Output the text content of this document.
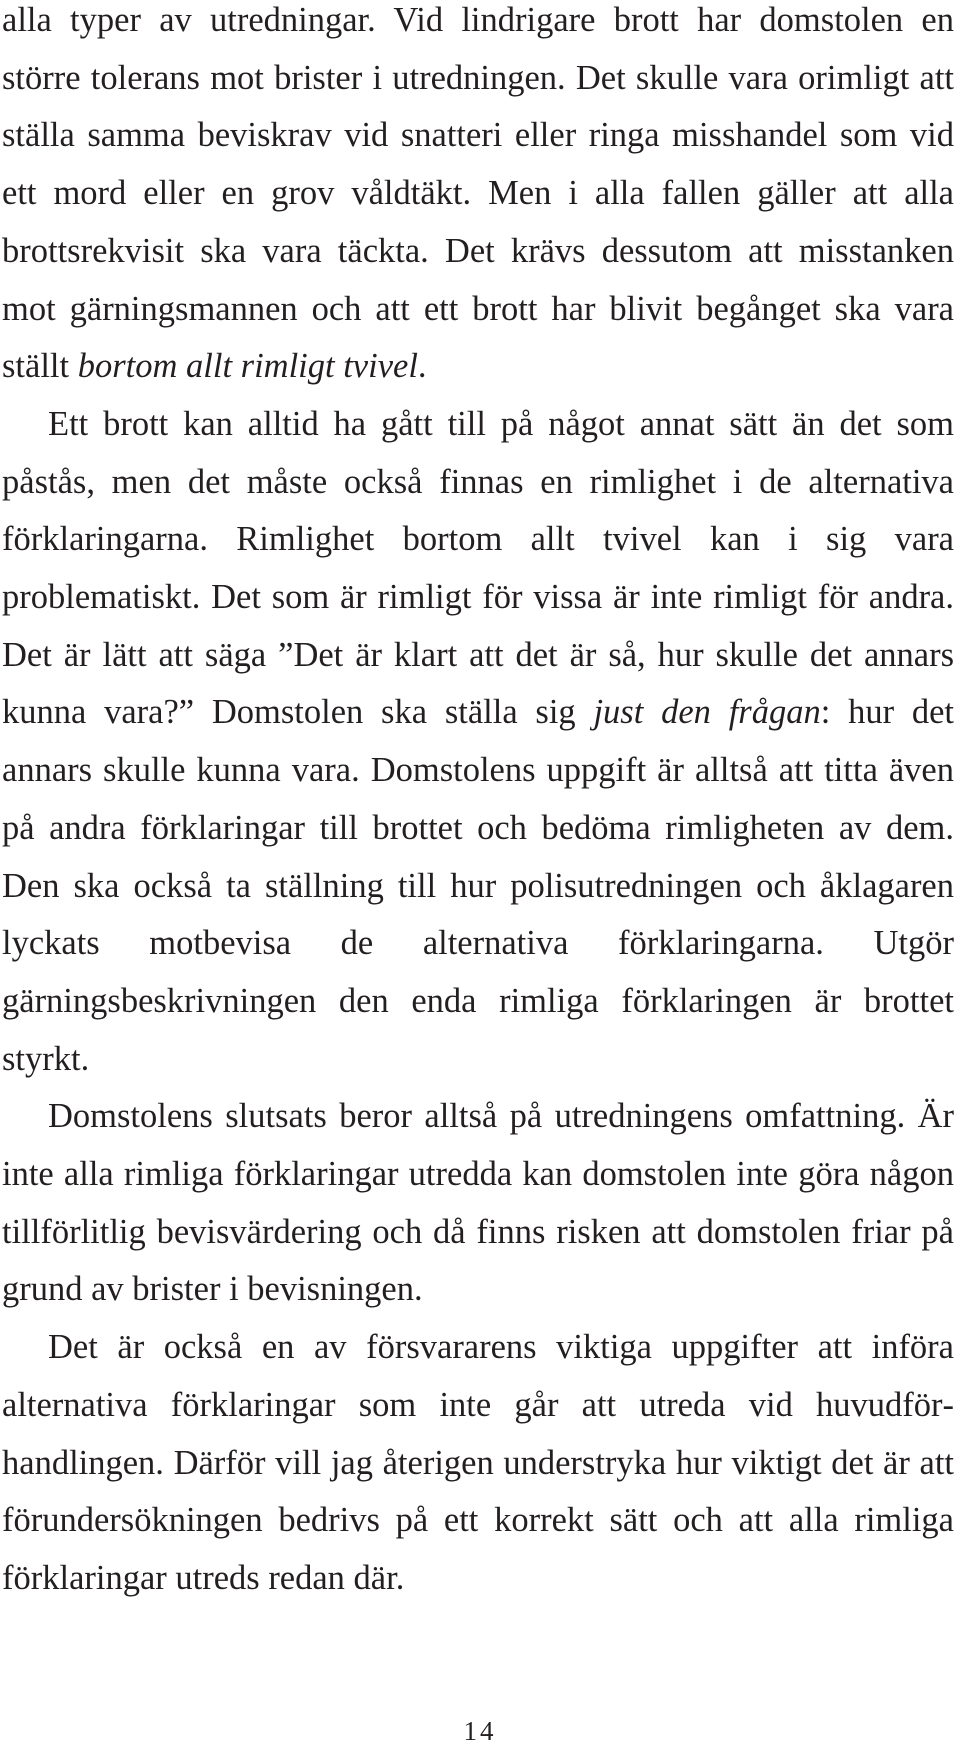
alla typer av utredningar. Vid lindrigare brott har domstolen en större tolerans mot brister i utredningen. Det skulle vara orimligt att ställa samma beviskrav vid snatteri eller ringa misshandel som vid ett mord eller en grov våldtäkt. Men i alla fallen gäller att alla brottsrekvisit ska vara täckta. Det krävs dessutom att misstanken mot gärningsmannen och att ett brott har blivit begånget ska vara ställt bortom allt rimligt tvivel.

Ett brott kan alltid ha gått till på något annat sätt än det som påstås, men det måste också finnas en rimlighet i de alternativa förklaringarna. Rimlighet bortom allt tvivel kan i sig vara problematiskt. Det som är rimligt för vissa är inte rimligt för andra. Det är lätt att säga ”Det är klart att det är så, hur skulle det annars kunna vara?” Domstolen ska ställa sig just den frågan: hur det annars skulle kunna vara. Domstolens uppgift är alltså att titta även på andra förklaringar till brottet och bedöma rimligheten av dem. Den ska också ta ställning till hur polisutredningen och åklagaren lyckats motbevisa de alternativa förklaringarna. Utgör gärningsbeskrivningen den enda rimliga förklaringen är brottet styrkt.

Domstolens slutsats beror alltså på utredningens omfattning. Är inte alla rimliga förklaringar utredda kan domstolen inte göra någon tillförlitlig bevisvärdering och då finns risken att domstolen friar på grund av brister i bevisningen.

Det är också en av försvararens viktiga uppgifter att införa alternativa förklaringar som inte går att utreda vid huvudförhandlingen. Därför vill jag återigen understryka hur viktigt det är att förundersökningen bedrivs på ett korrekt sätt och att alla rimliga förklaringar utreds redan där.

14
